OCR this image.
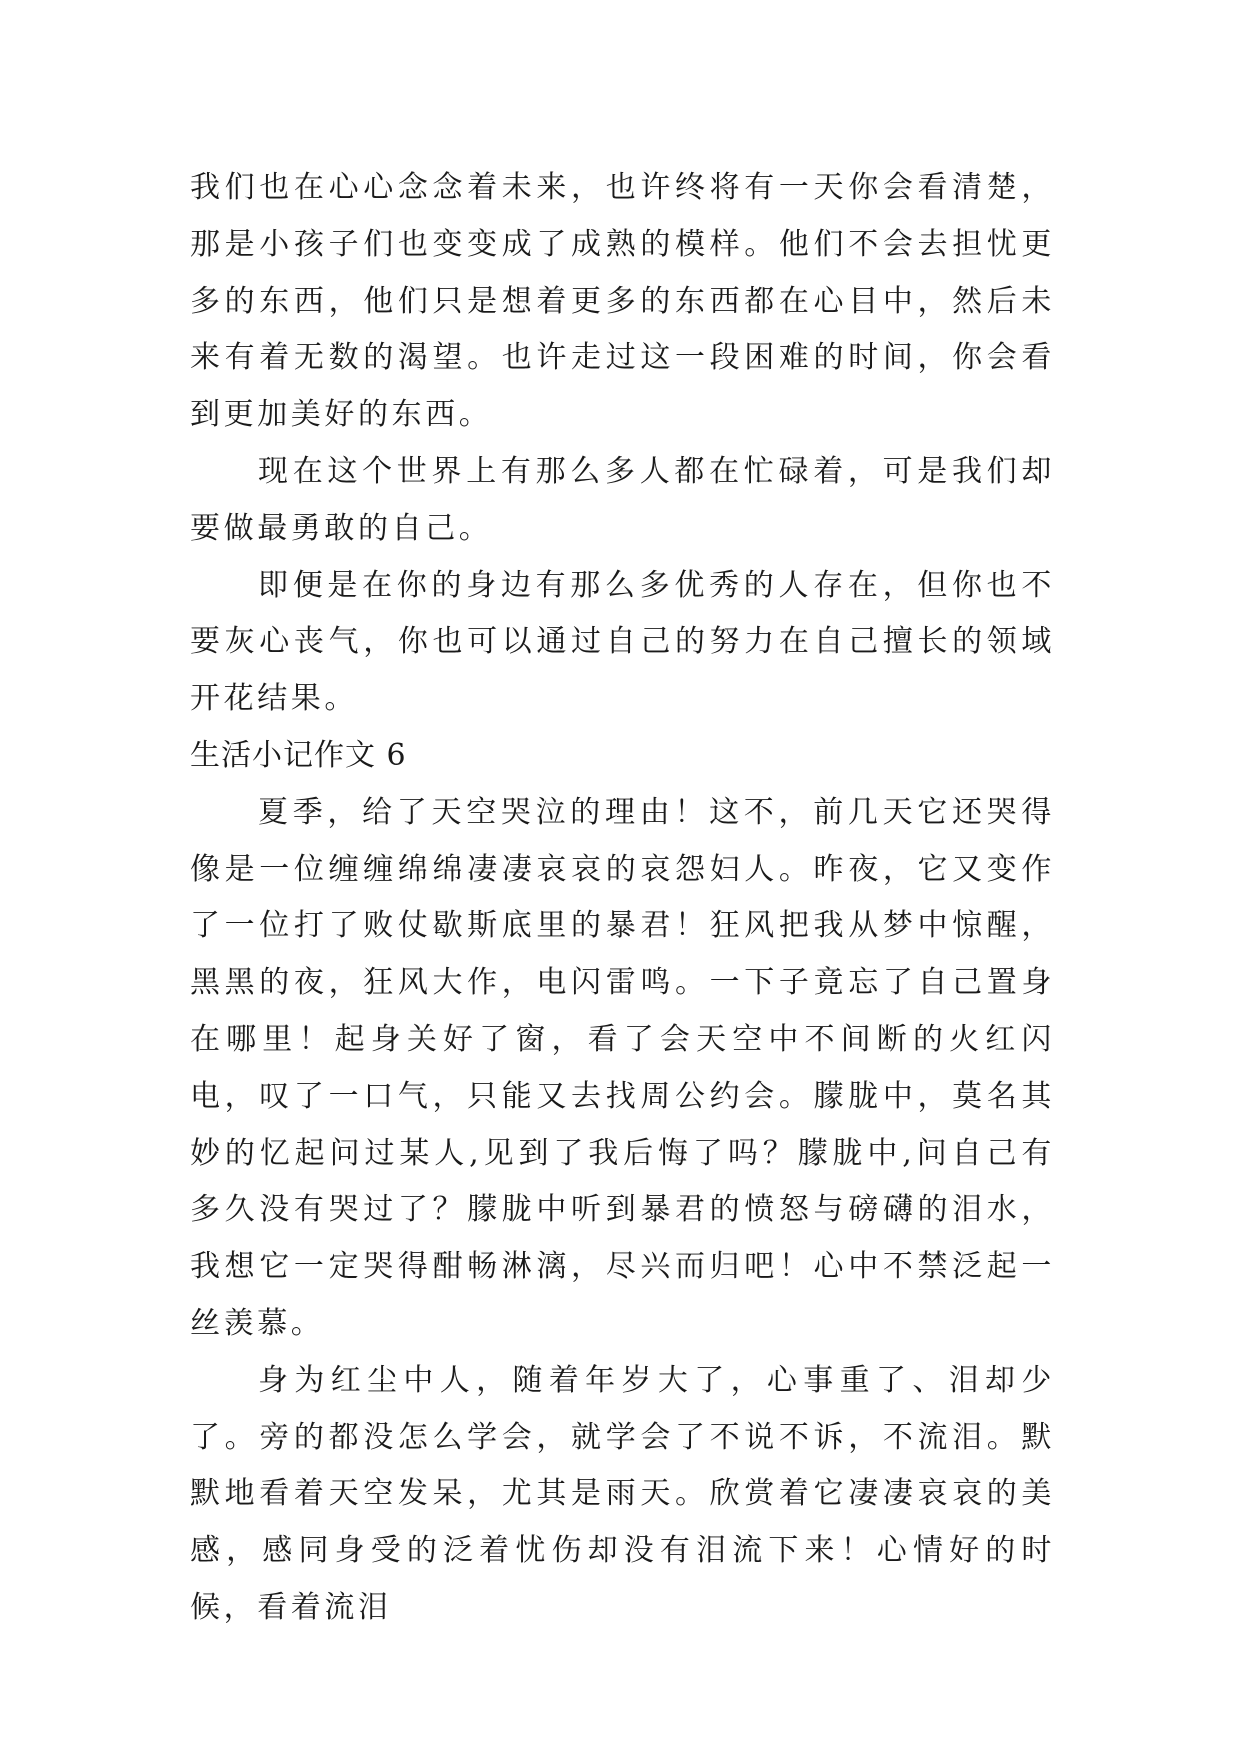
我们也在心心念念着未来，也许终将有一天你会看清楚，那是小孩子们也变变成了成熟的模样。他们不会去担忧更多的东西，他们只是想着更多的东西都在心目中，然后未来有着无数的渴望。也许走过这一段困难的时间，你会看到更加美好的东西。

现在这个世界上有那么多人都在忙碌着，可是我们却要做最勇敢的自己。

即便是在你的身边有那么多优秀的人存在，但你也不要灰心丧气，你也可以通过自己的努力在自己擅长的领域开花结果。

生活小记作文 6

夏季，给了天空哭泣的理由！这不，前几天它还哭得像是一位缠缠绵绵凄凄哀哀的哀怨妇人。昨夜，它又变作了一位打了败仗歇斯底里的暴君！狂风把我从梦中惊醒，黑黑的夜，狂风大作，电闪雷鸣。一下子竟忘了自己置身在哪里！起身关好了窗，看了会天空中不间断的火红闪电，叹了一口气，只能又去找周公约会。朦胧中，莫名其妙的忆起问过某人,见到了我后悔了吗？朦胧中,问自己有多久没有哭过了？朦胧中听到暴君的愤怒与磅礴的泪水，我想它一定哭得酣畅淋漓，尽兴而归吧！心中不禁泛起一丝羡慕。

身为红尘中人，随着年岁大了，心事重了、泪却少了。旁的都没怎么学会，就学会了不说不诉，不流泪。默默地看着天空发呆，尤其是雨天。欣赏着它凄凄哀哀的美感，感同身受的泛着忧伤却没有泪流下来！心情好的时候，看着流泪
